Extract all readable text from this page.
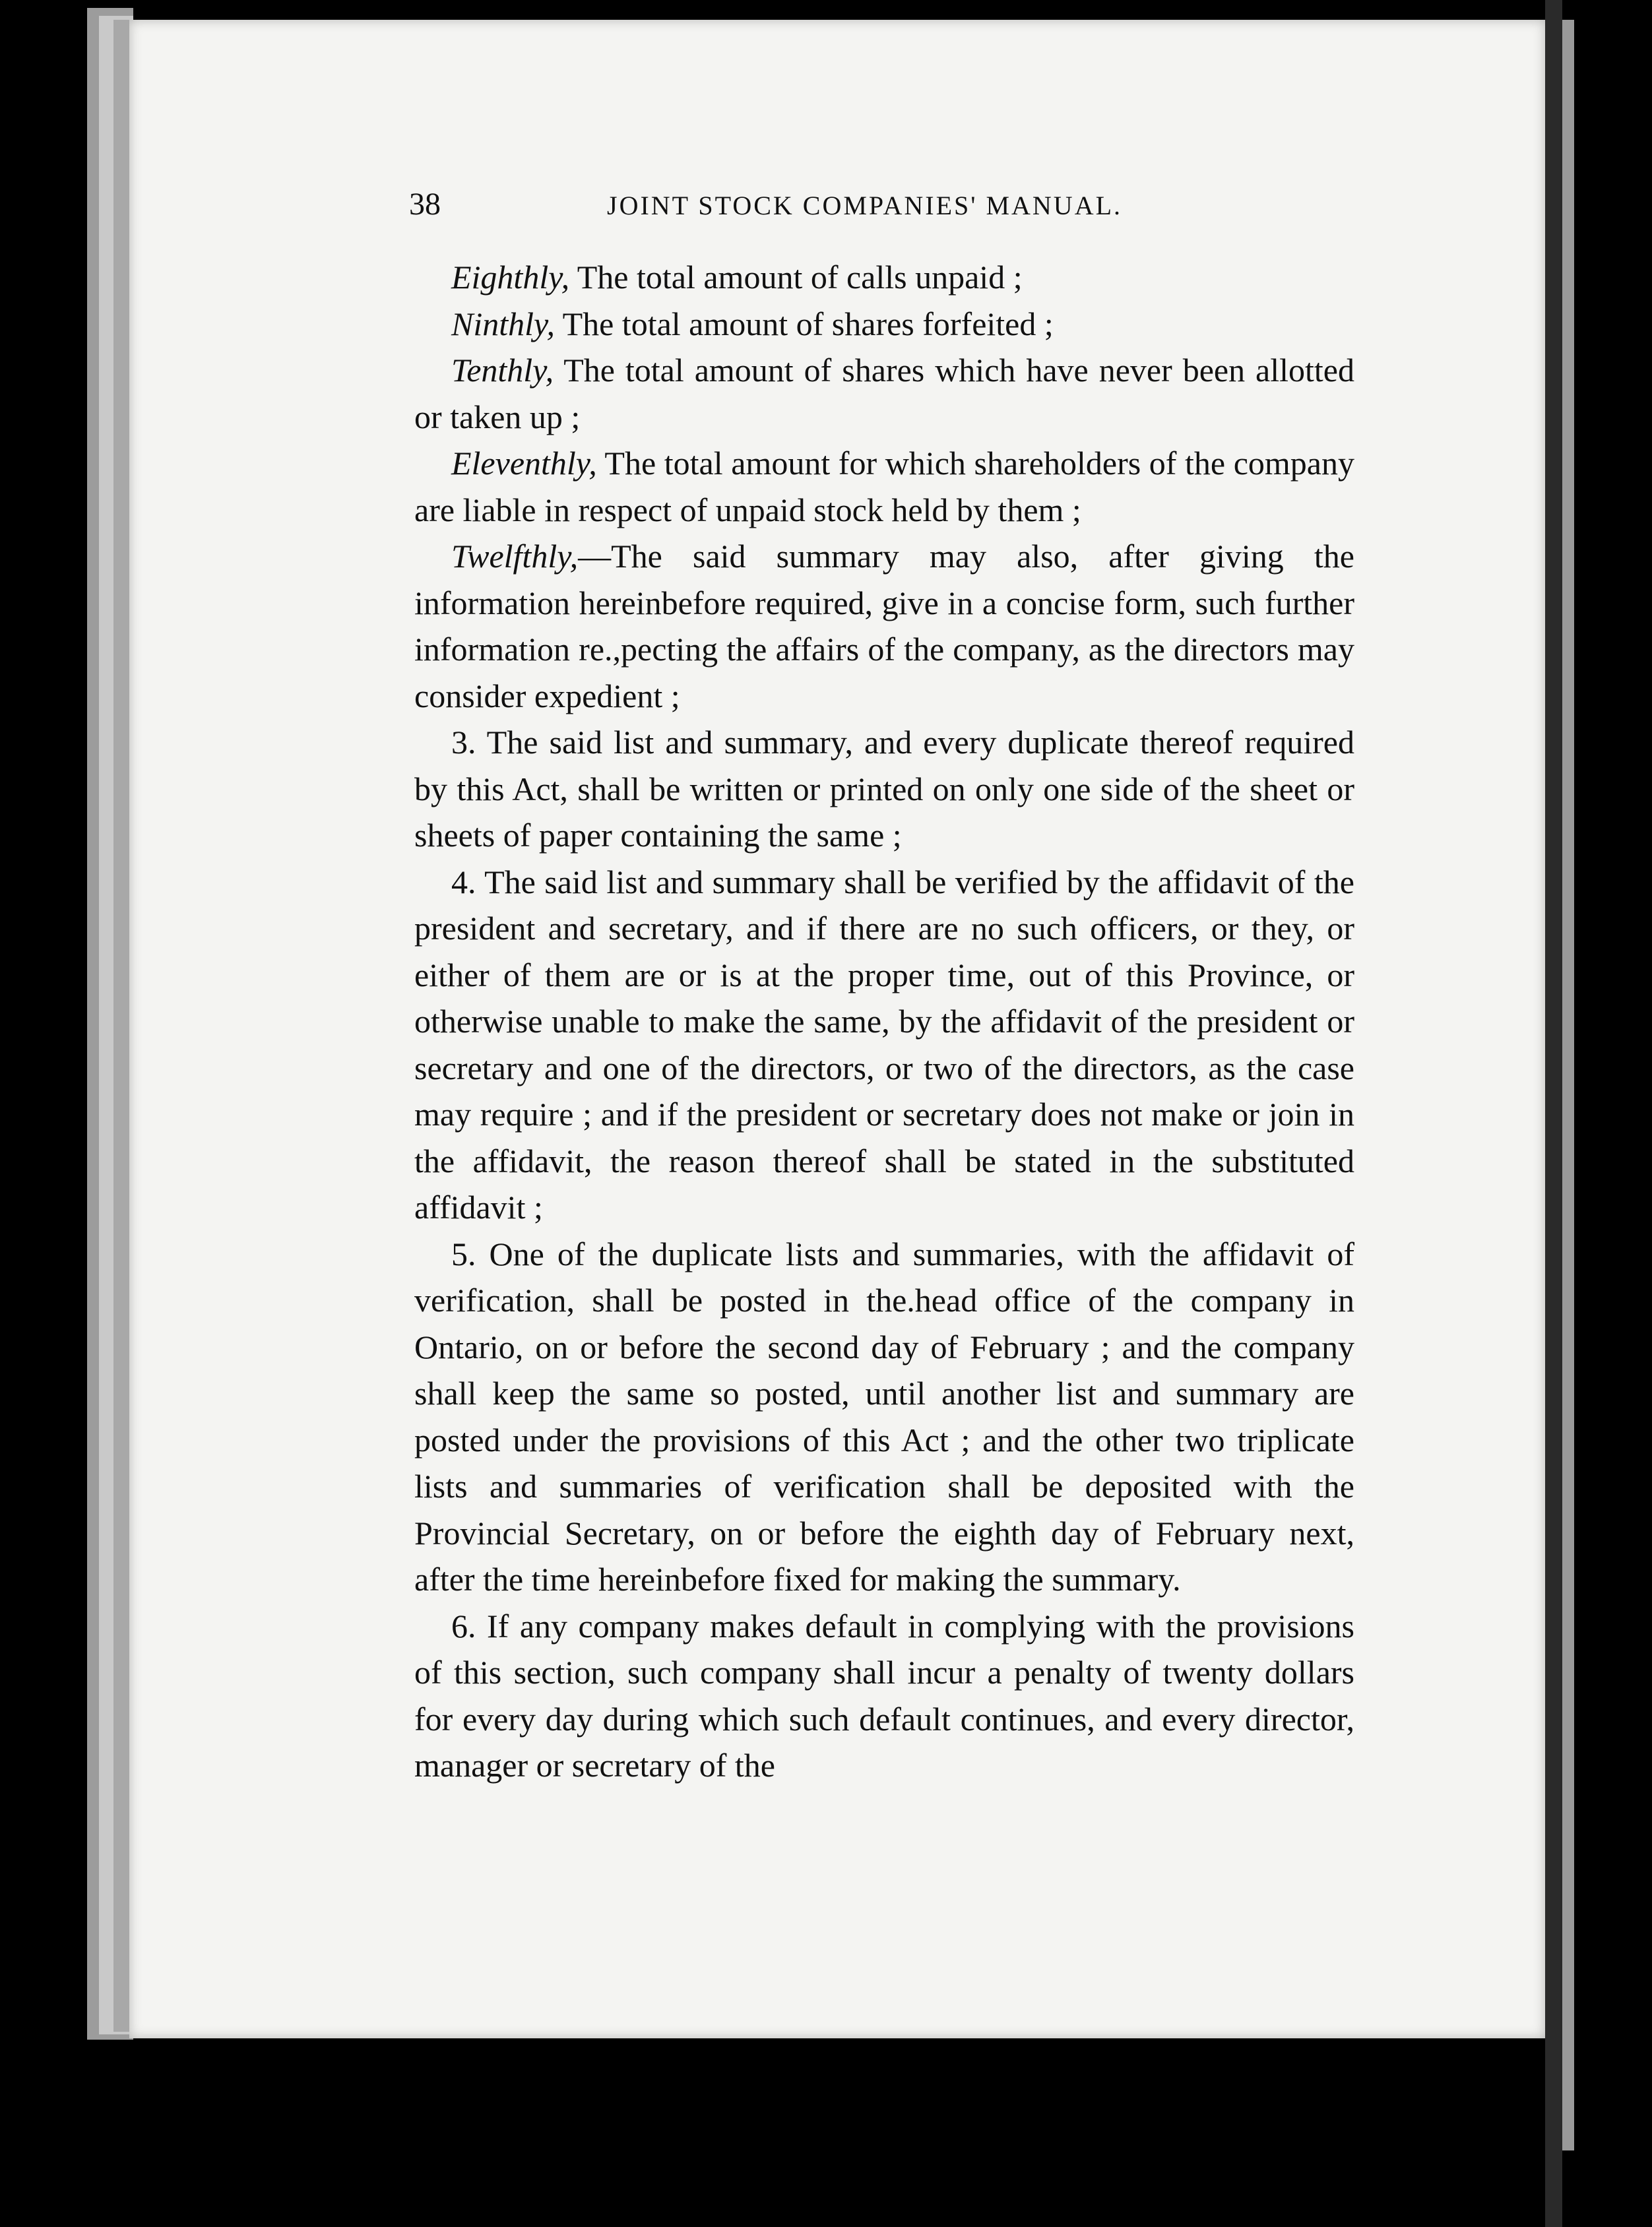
38	JOINT STOCK COMPANIES' MANUAL.

Eighthly, The total amount of calls unpaid ;

Ninthly, The total amount of shares forfeited ;

Tenthly, The total amount of shares which have never been allotted or taken up ;

Eleventhly, The total amount for which shareholders of the company are liable in respect of unpaid stock held by them ;

Twelfthly,—The said summary may also, after giving the information hereinbefore required, give in a concise form, such further information re.,pecting the affairs of the company, as the directors may consider expedient ;

3. The said list and summary, and every duplicate thereof required by this Act, shall be written or printed on only one side of the sheet or sheets of paper containing the same ;

4. The said list and summary shall be verified by the affidavit of the president and secretary, and if there are no such officers, or they, or either of them are or is at the proper time, out of this Province, or otherwise unable to make the same, by the affidavit of the president or secretary and one of the directors, or two of the directors, as the case may require ; and if the president or secretary does not make or join in the affidavit, the reason thereof shall be stated in the substituted affidavit ;

5. One of the duplicate lists and summaries, with the affidavit of verification, shall be posted in the.head office of the company in Ontario, on or before the second day of February ; and the company shall keep the same so posted, until another list and summary are posted under the provisions of this Act ; and the other two triplicate lists and summaries of verification shall be deposited with the Provincial Secretary, on or before the eighth day of February next, after the time hereinbefore fixed for making the summary.

6. If any company makes default in complying with the provisions of this section, such company shall incur a penalty of twenty dollars for every day during which such default continues, and every director, manager or secretary of the
